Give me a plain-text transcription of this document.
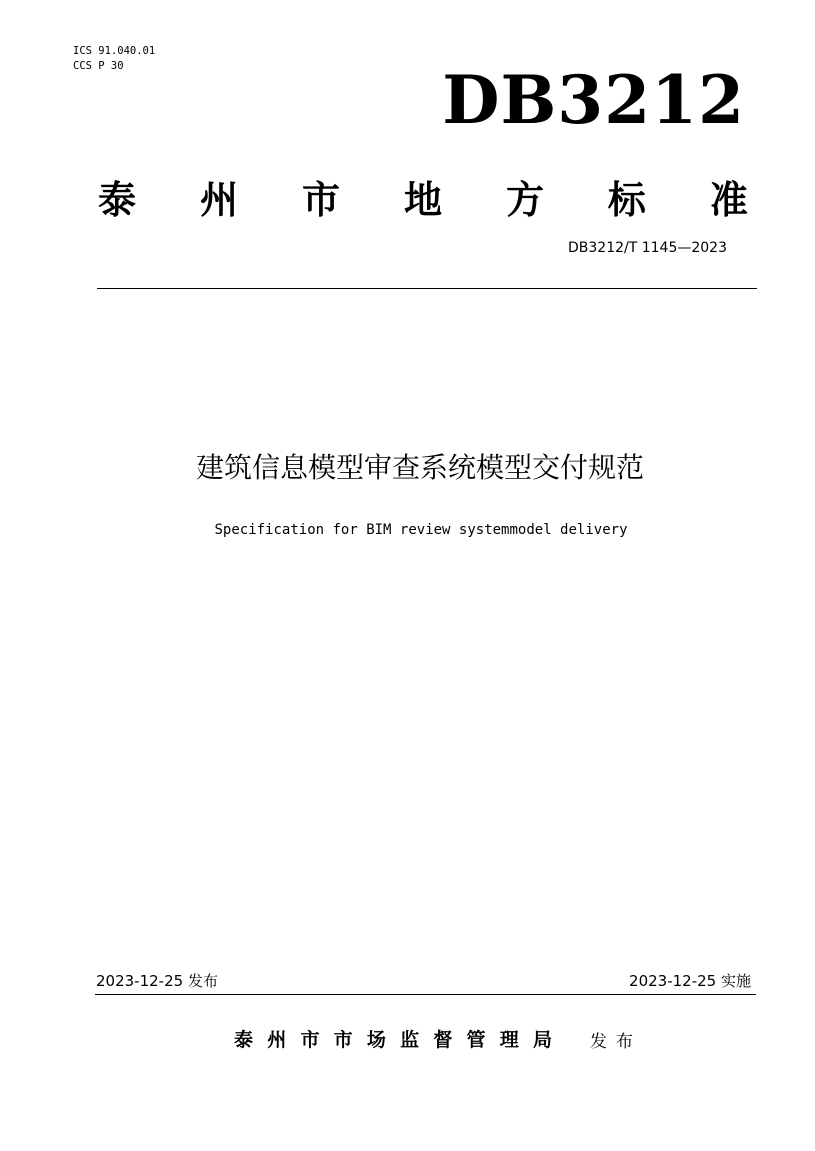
ICS 91.040.01
CCS P 30	DB3212
泰 州 市 地 方 标 准
DB3212/T 1145—2023
建筑信息模型审查系统模型交付规范
Specification for BIM review systemmodel delivery
2023-12-25 发布	2023-12-25 实施
泰 州 市 市 场 监 督 管 理 局 发布
